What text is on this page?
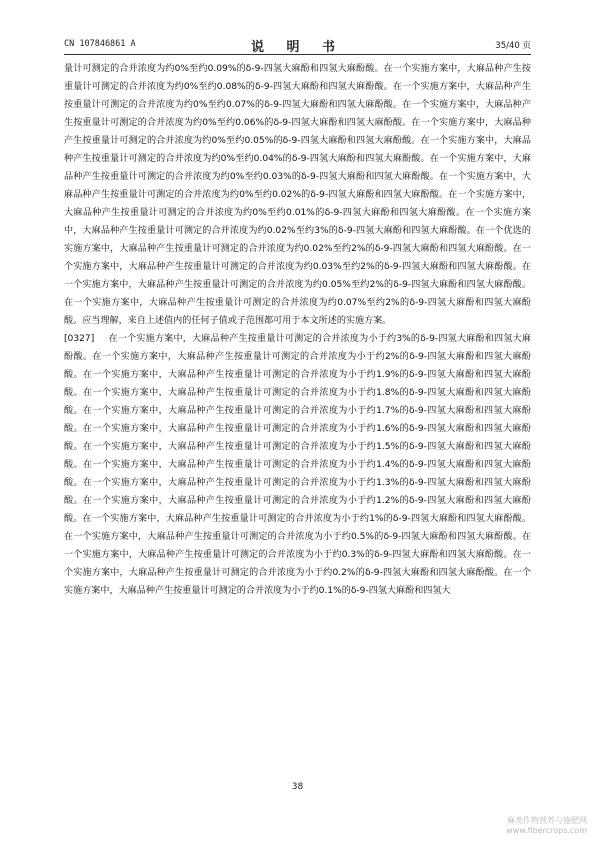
CN 107846861 A	说 明 书	35/40 页

量计可测定的合并浓度为约0%至约0.09%的δ-9-四氢大麻酚和四氢大麻酚酸。在一个实施方案中，大麻品种产生按重量计可测定的合并浓度为约0%至约0.08%的δ-9-四氢大麻酚和四氢大麻酚酸。在一个实施方案中，大麻品种产生按重量计可测定的合并浓度为约0%至约0.07%的δ-9-四氢大麻酚和四氢大麻酚酸。在一个实施方案中，大麻品种产生按重量计可测定的合并浓度为约0%至约0.06%的δ-9-四氢大麻酚和四氢大麻酚酸。在一个实施方案中，大麻品种产生按重量计可测定的合并浓度为约0%至约0.05%的δ-9-四氢大麻酚和四氢大麻酚酸。在一个实施方案中，大麻品种产生按重量计可测定的合并浓度为约0%至约0.04%的δ-9-四氢大麻酚和四氢大麻酚酸。在一个实施方案中，大麻品种产生按重量计可测定的合并浓度为约0%至约0.03%的δ-9-四氢大麻酚和四氢大麻酚酸。在一个实施方案中，大麻品种产生按重量计可测定的合并浓度为约0%至约0.02%的δ-9-四氢大麻酚和四氢大麻酚酸。在一个实施方案中，大麻品种产生按重量计可测定的合并浓度为约0%至约0.01%的δ-9-四氢大麻酚和四氢大麻酚酸。在一个实施方案中，大麻品种产生按重量计可测定的合并浓度为约0.02%至约3%的δ-9-四氢大麻酚和四氢大麻酚酸。在一个优选的实施方案中，大麻品种产生按重量计可测定的合并浓度为约0.02%至约2%的δ-9-四氢大麻酚和四氢大麻酚酸。在一个实施方案中，大麻品种产生按重量计可测定的合并浓度为约0.03%至约2%的δ-9-四氢大麻酚和四氢大麻酚酸。在一个实施方案中，大麻品种产生按重量计可测定的合并浓度为约0.05%至约2%的δ-9-四氢大麻酚和四氢大麻酚酸。在一个实施方案中，大麻品种产生按重量计可测定的合并浓度为约0.07%至约2%的δ-9-四氢大麻酚和四氢大麻酚酸。应当理解，来自上述值内的任何子值或子范围都可用于本文所述的实施方案。

[0327] 在一个实施方案中，大麻品种产生按重量计可测定的合并浓度为小于约3%的δ-9-四氢大麻酚和四氢大麻酚酸。在一个实施方案中，大麻品种产生按重量计可测定的合并浓度为小于约2%的δ-9-四氢大麻酚和四氢大麻酚酸。在一个实施方案中，大麻品种产生按重量计可测定的合并浓度为小于约1.9%的δ-9-四氢大麻酚和四氢大麻酚酸。在一个实施方案中，大麻品种产生按重量计可测定的合并浓度为小于约1.8%的δ-9-四氢大麻酚和四氢大麻酚酸。在一个实施方案中，大麻品种产生按重量计可测定的合并浓度为小于约1.7%的δ-9-四氢大麻酚和四氢大麻酚酸。在一个实施方案中，大麻品种产生按重量计可测定的合并浓度为小于约1.6%的δ-9-四氢大麻酚和四氢大麻酚酸。在一个实施方案中，大麻品种产生按重量计可测定的合并浓度为小于约1.5%的δ-9-四氢大麻酚和四氢大麻酚酸。在一个实施方案中，大麻品种产生按重量计可测定的合并浓度为小于约1.4%的δ-9-四氢大麻酚和四氢大麻酚酸。在一个实施方案中，大麻品种产生按重量计可测定的合并浓度为小于约1.3%的δ-9-四氢大麻酚和四氢大麻酚酸。在一个实施方案中，大麻品种产生按重量计可测定的合并浓度为小于约1.2%的δ-9-四氢大麻酚和四氢大麻酚酸。在一个实施方案中，大麻品种产生按重量计可测定的合并浓度为小于约1%的δ-9-四氢大麻酚和四氢大麻酚酸。在一个实施方案中，大麻品种产生按重量计可测定的合并浓度为小于约0.5%的δ-9-四氢大麻酚和四氢大麻酚酸。在一个实施方案中，大麻品种产生按重量计可测定的合并浓度为小于约0.3%的δ-9-四氢大麻酚和四氢大麻酚酸。在一个实施方案中，大麻品种产生按重量计可测定的合并浓度为小于约0.2%的δ-9-四氢大麻酚和四氢大麻酚酸。在一个实施方案中，大麻品种产生按重量计可测定的合并浓度为小于约0.1%的δ-9-四氢大麻酚和四氢大

38
麻类作物营养与施肥网
www.fibercrops.com
